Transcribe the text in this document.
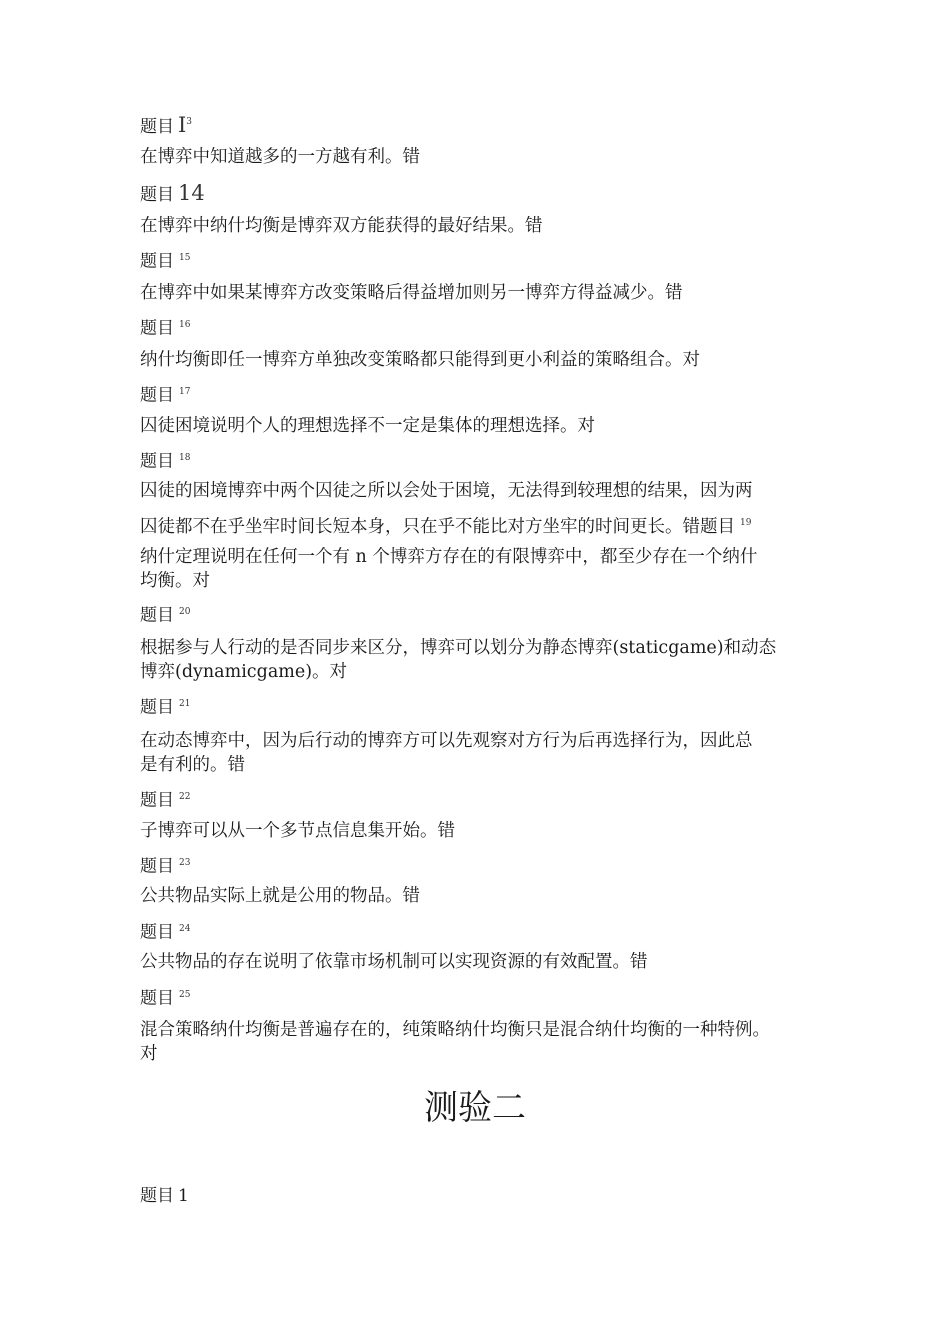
题目 $I^3$
在博弈中知道越多的一方越有利。错
题目 14
在博弈中纳什均衡是博弈双方能获得的最好结果。错
题目 $^{15}$
在博弈中如果某博弈方改变策略后得益增加则另一博弈方得益减少。错
题目 $^{16}$
纳什均衡即任一博弈方单独改变策略都只能得到更小利益的策略组合。对
题目 $^{17}$
囚徒困境说明个人的理想选择不一定是集体的理想选择。对
题目 $^{18}$
囚徒的困境博弈中两个囚徒之所以会处于困境，无法得到较理想的结果，因为两
囚徒都不在乎坐牢时间长短本身，只在乎不能比对方坐牢的时间更长。错题目 $^{19}$
纳什定理说明在任何一个有 n 个博弈方存在的有限博弈中，都至少存在一个纳什
均衡。对
题目 $^{20}$
根据参与人行动的是否同步来区分，博弈可以划分为静态博弈(staticgame)和动态
博弈(dynamicgame)。对
题目 $^{21}$
在动态博弈中，因为后行动的博弈方可以先观察对方行为后再选择行为，因此总
是有利的。错
题目 $^{22}$
子博弈可以从一个多节点信息集开始。错
题目 $^{23}$
公共物品实际上就是公用的物品。错
题目 $^{24}$
公共物品的存在说明了依靠市场机制可以实现资源的有效配置。错
题目 $^{25}$
混合策略纳什均衡是普遍存在的，纯策略纳什均衡只是混合纳什均衡的一种特例。
对
题目 1
测验二
